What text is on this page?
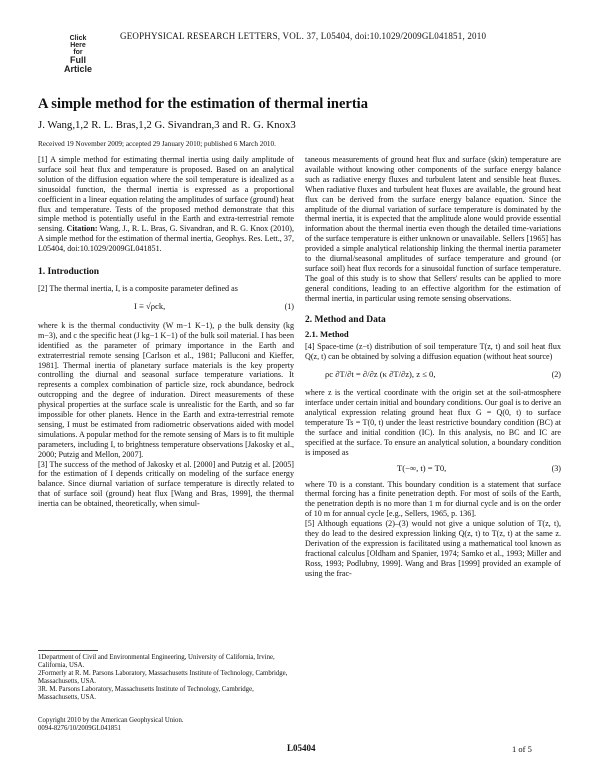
GEOPHYSICAL RESEARCH LETTERS, VOL. 37, L05404, doi:10.1029/2009GL041851, 2010
Click
Here
for
Full
Article
A simple method for the estimation of thermal inertia
J. Wang,1,2 R. L. Bras,1,2 G. Sivandran,3 and R. G. Knox3
Received 19 November 2009; accepted 29 January 2010; published 6 March 2010.

[1] A simple method for estimating thermal inertia using daily amplitude of surface soil heat flux and temperature is proposed. Based on an analytical solution of the diffusion equation where the soil temperature is idealized as a sinusoidal function, the thermal inertia is expressed as a proportional coefficient in a linear equation relating the amplitudes of surface (ground) heat flux and temperature. Tests of the proposed method demonstrate that this simple method is potentially useful in the Earth and extra-terrestrial remote sensing. Citation: Wang, J., R. L. Bras, G. Sivandran, and R. G. Knox (2010), A simple method for the estimation of thermal inertia, Geophys. Res. Lett., 37, L05404, doi:10.1029/2009GL041851.

1. Introduction

[2] The thermal inertia, I, is a composite parameter defined as

I ≡ √ρck,	(1)

where k is the thermal conductivity (W m−1 K−1), ρ the bulk density (kg m−3), and c the specific heat (J kg−1 K−1) of the bulk soil material. I has been identified as the parameter of primary importance in the Earth and extraterrestrial remote sensing [Carlson et al., 1981; Palluconi and Kieffer, 1981]. Thermal inertia of planetary surface materials is the key property controlling the diurnal and seasonal surface temperature variations. It represents a complex combination of particle size, rock abundance, bedrock outcropping and the degree of induration. Direct measurements of these physical properties at the surface scale is unrealistic for the Earth, and so far impossible for other planets. Hence in the Earth and extra-terrestrial remote sensing, I must be estimated from radiometric observations aided with model simulations. A popular method for the remote sensing of Mars is to fit multiple parameters, including I, to brightness temperature observations [Jakosky et al., 2000; Putzig and Mellon, 2007].

[3] The success of the method of Jakosky et al. [2000] and Putzig et al. [2005] for the estimation of I depends critically on modeling of the surface energy balance. Since diurnal variation of surface temperature is directly related to that of surface soil (ground) heat flux [Wang and Bras, 1999], the thermal inertia can be obtained, theoretically, when simul-

1Department of Civil and Environmental Engineering, University of California, Irvine, California, USA.
2Formerly at R. M. Parsons Laboratory, Massachusetts Institute of Technology, Cambridge, Massachusetts, USA.
3R. M. Parsons Laboratory, Massachusetts Institute of Technology, Cambridge, Massachusetts, USA.
Copyright 2010 by the American Geophysical Union.
0094-8276/10/2009GL041851

taneous measurements of ground heat flux and surface (skin) temperature are available without knowing other components of the surface energy balance such as radiative energy fluxes and turbulent latent and sensible heat fluxes. When radiative fluxes and turbulent heat fluxes are available, the ground heat flux can be derived from the surface energy balance equation. Since the amplitude of the diurnal variation of surface temperature is dominated by the thermal inertia, it is expected that the amplitude alone would provide essential information about the thermal inertia even though the detailed time-variations of the surface temperature is either unknown or unavailable. Sellers [1965] has provided a simple analytical relationship linking the thermal inertia parameter to the diurnal/seasonal amplitudes of surface temperature and ground (or surface soil) heat flux records for a sinusoidal function of surface temperature. The goal of this study is to show that Sellers' results can be applied to more general conditions, leading to an effective algorithm for the estimation of thermal inertia, in particular using remote sensing observations.

2. Method and Data
2.1. Method

[4] Space-time (z−t) distribution of soil temperature T(z, t) and soil heat flux Q(z, t) can be obtained by solving a diffusion equation (without heat source)

ρc ∂T/∂t = ∂/∂z (κ ∂T/∂z), z ≤ 0,	(2)

where z is the vertical coordinate with the origin set at the soil-atmosphere interface under certain initial and boundary conditions. Our goal is to derive an analytical expression relating ground heat flux G = Q(0, t) to surface temperature Ts = T(0, t) under the least restrictive boundary condition (BC) at the surface and initial condition (IC). In this analysis, no BC and IC are specified at the surface. To ensure an analytical solution, a boundary condition is imposed as

T(−∞, t) = T0,	(3)

where T0 is a constant. This boundary condition is a statement that surface thermal forcing has a finite penetration depth. For most of soils of the Earth, the penetration depth is no more than 1 m for diurnal cycle and is on the order of 10 m for annual cycle [e.g., Sellers, 1965, p. 136].

[5] Although equations (2)–(3) would not give a unique solution of T(z, t), they do lead to the desired expression linking Q(z, t) to T(z, t) at the same z. Derivation of the expression is facilitated using a mathematical tool known as fractional calculus [Oldham and Spanier, 1974; Samko et al., 1993; Miller and Ross, 1993; Podlubny, 1999]. Wang and Bras [1999] provided an example of using the frac-

L05404	1 of 5
